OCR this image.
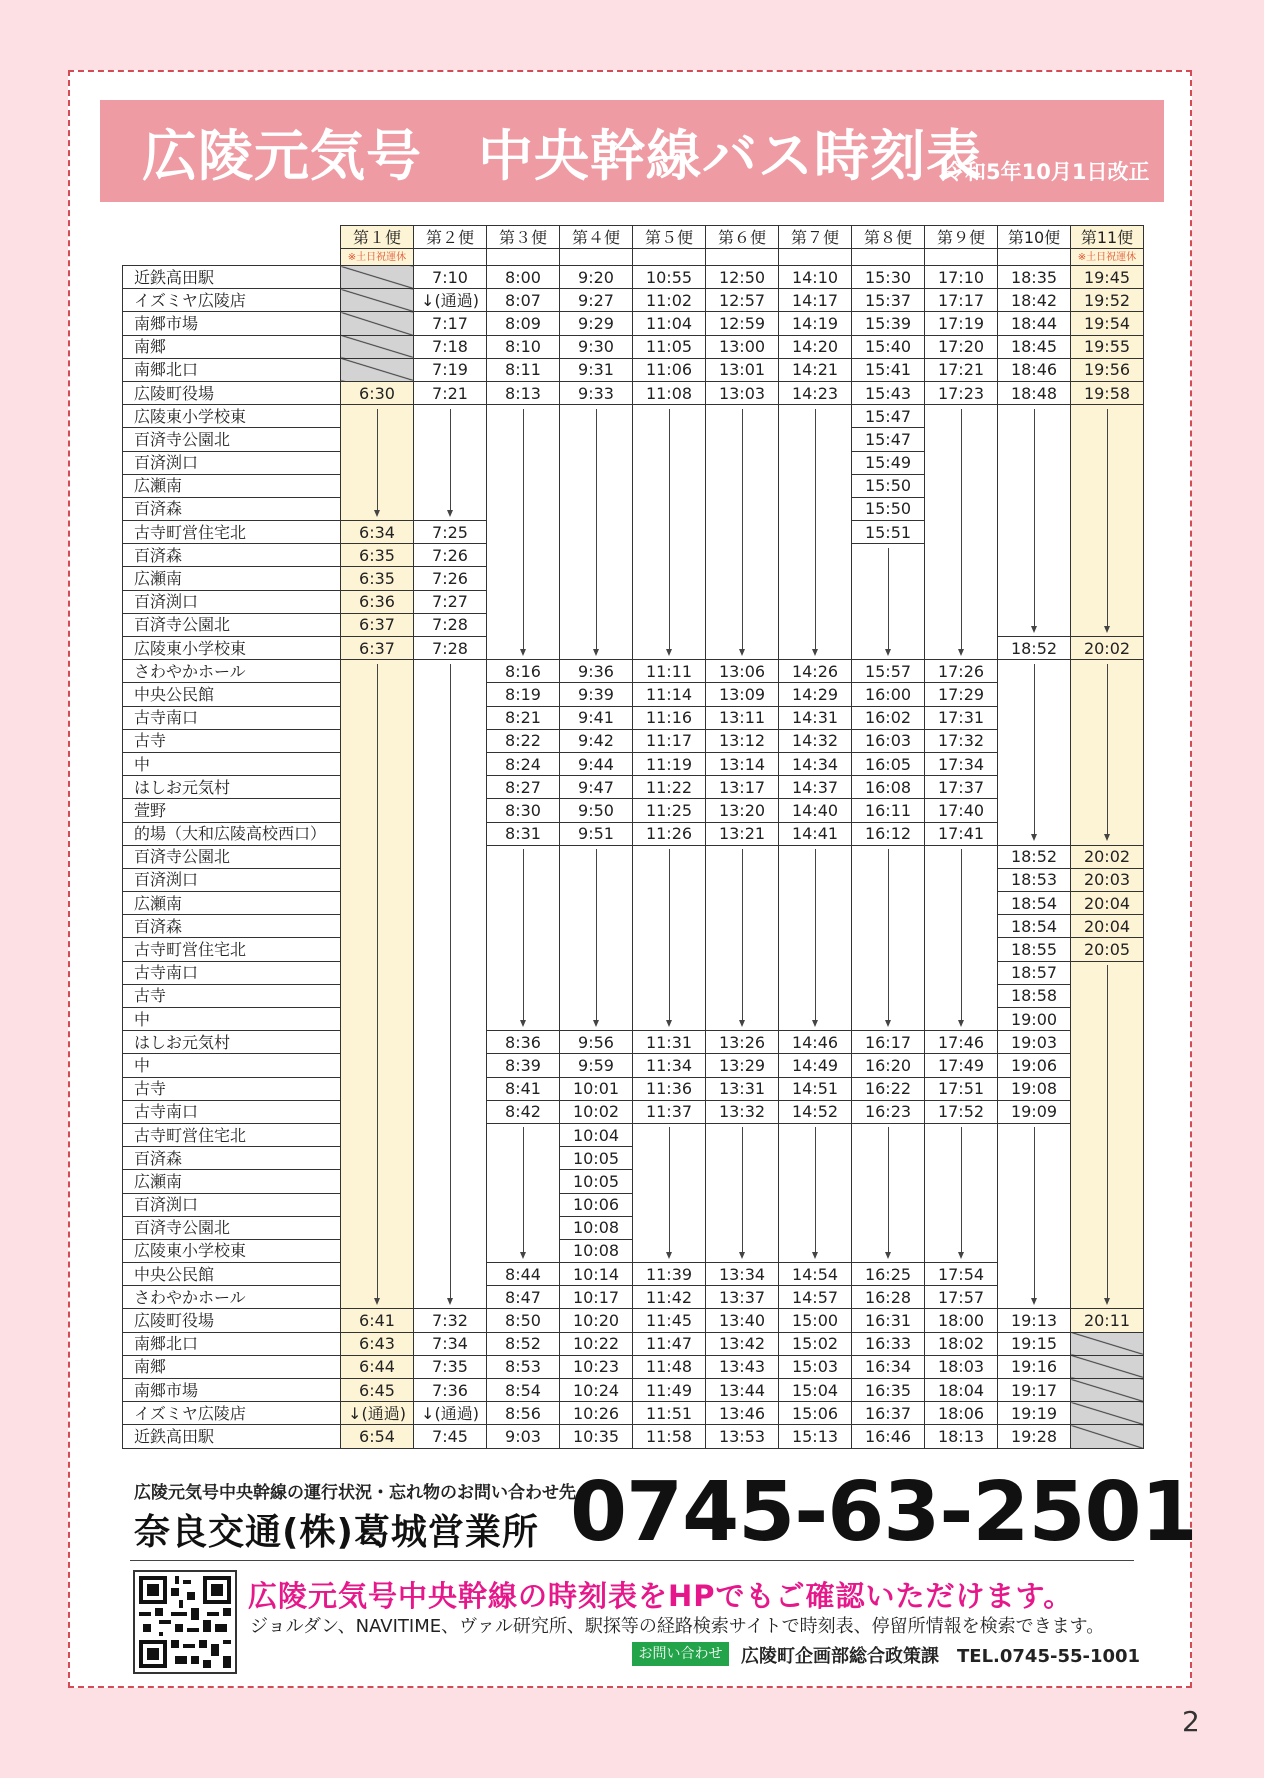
広陵元気号　中央幹線バス時刻表
令和5年10月1日改正
	第１便	第２便	第３便	第４便	第５便	第６便	第７便	第８便	第９便	第10便	第11便
	※土日祝運休										※土日祝運休
近鉄高田駅		7:10	8:00	9:20	10:55	12:50	14:10	15:30	17:10	18:35	19:45
イズミヤ広陵店		↓(通過)	8:07	9:27	11:02	12:57	14:17	15:37	17:17	18:42	19:52
南郷市場		7:17	8:09	9:29	11:04	12:59	14:19	15:39	17:19	18:44	19:54
南郷		7:18	8:10	9:30	11:05	13:00	14:20	15:40	17:20	18:45	19:55
南郷北口		7:19	8:11	9:31	11:06	13:01	14:21	15:41	17:21	18:46	19:56
広陵町役場	6:30	7:21	8:13	9:33	11:08	13:03	14:23	15:43	17:23	18:48	19:58
広陵東小学校東								15:47			
百済寺公園北								15:47			
百済渕口								15:49			
広瀬南								15:50			
百済森								15:50			
古寺町営住宅北	6:34	7:25						15:51			
百済森	6:35	7:26									
広瀬南	6:35	7:26									
百済渕口	6:36	7:27									
百済寺公園北	6:37	7:28									
広陵東小学校東	6:37	7:28								18:52	20:02
さわやかホール			8:16	9:36	11:11	13:06	14:26	15:57	17:26		
中央公民館			8:19	9:39	11:14	13:09	14:29	16:00	17:29		
古寺南口			8:21	9:41	11:16	13:11	14:31	16:02	17:31		
古寺			8:22	9:42	11:17	13:12	14:32	16:03	17:32		
中			8:24	9:44	11:19	13:14	14:34	16:05	17:34		
はしお元気村			8:27	9:47	11:22	13:17	14:37	16:08	17:37		
萱野			8:30	9:50	11:25	13:20	14:40	16:11	17:40		
的場（大和広陵高校西口）			8:31	9:51	11:26	13:21	14:41	16:12	17:41		
百済寺公園北										18:52	20:02
百済渕口										18:53	20:03
広瀬南										18:54	20:04
百済森										18:54	20:04
古寺町営住宅北										18:55	20:05
古寺南口										18:57	
古寺										18:58	
中										19:00	
はしお元気村			8:36	9:56	11:31	13:26	14:46	16:17	17:46	19:03	
中			8:39	9:59	11:34	13:29	14:49	16:20	17:49	19:06	
古寺			8:41	10:01	11:36	13:31	14:51	16:22	17:51	19:08	
古寺南口			8:42	10:02	11:37	13:32	14:52	16:23	17:52	19:09	
古寺町営住宅北				10:04							
百済森				10:05							
広瀬南				10:05							
百済渕口				10:06							
百済寺公園北				10:08							
広陵東小学校東				10:08							
中央公民館			8:44	10:14	11:39	13:34	14:54	16:25	17:54		
さわやかホール			8:47	10:17	11:42	13:37	14:57	16:28	17:57		
広陵町役場	6:41	7:32	8:50	10:20	11:45	13:40	15:00	16:31	18:00	19:13	20:11
南郷北口	6:43	7:34	8:52	10:22	11:47	13:42	15:02	16:33	18:02	19:15	
南郷	6:44	7:35	8:53	10:23	11:48	13:43	15:03	16:34	18:03	19:16	
南郷市場	6:45	7:36	8:54	10:24	11:49	13:44	15:04	16:35	18:04	19:17	
イズミヤ広陵店	↓(通過)	↓(通過)	8:56	10:26	11:51	13:46	15:06	16:37	18:06	19:19	
近鉄高田駅	6:54	7:45	9:03	10:35	11:58	13:53	15:13	16:46	18:13	19:28	
広陵元気号中央幹線の運行状況・忘れ物のお問い合わせ先
奈良交通(株)葛城営業所 0745-63-2501
広陵元気号中央幹線の時刻表をHPでもご確認いただけます。
ジョルダン、NAVITIME、ヴァル研究所、駅探等の経路検索サイトで時刻表、停留所情報を検索できます。
お問い合わせ	広陵町企画部総合政策課　TEL.0745-55-1001
2
